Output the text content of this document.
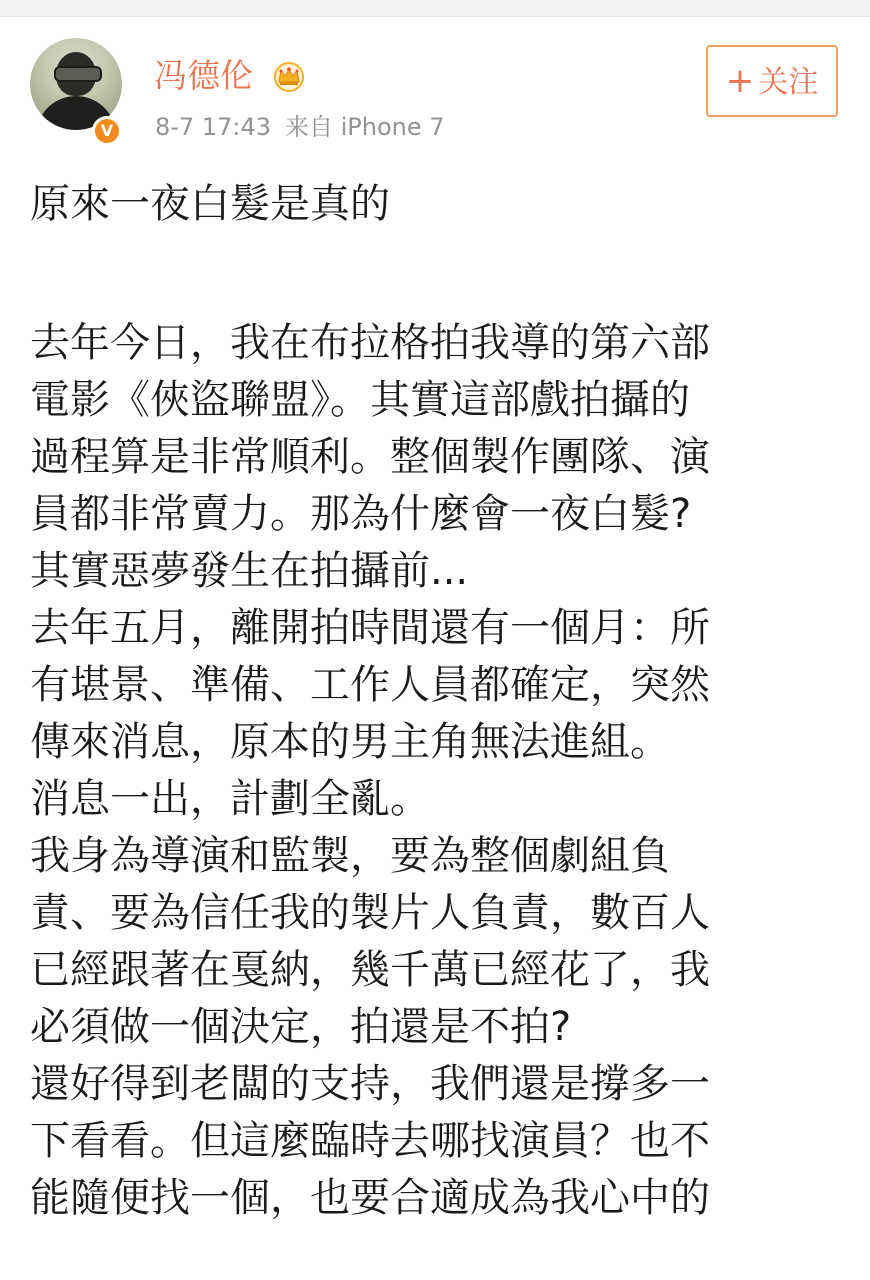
V
冯德伦
8-7 17:43 来自 iPhone 7
+ 关注
原來一夜白髮是真的
去年今日，我在布拉格拍我導的第六部
電影《俠盜聯盟》。其實這部戲拍攝的
過程算是非常順利。整個製作團隊、演
員都非常賣力。那為什麼會一夜白髮?
其實惡夢發生在拍攝前...
去年五月，離開拍時間還有一個月：所
有堪景、準備、工作人員都確定，突然
傳來消息，原本的男主角無法進組。
消息一出，計劃全亂。
我身為導演和監製，要為整個劇組負
責、要為信任我的製片人負責，數百人
已經跟著在戛納，幾千萬已經花了，我
必須做一個決定，拍還是不拍?
還好得到老闆的支持，我們還是撐多一
下看看。但這麼臨時去哪找演員？也不
能隨便找一個，也要合適成為我心中的
